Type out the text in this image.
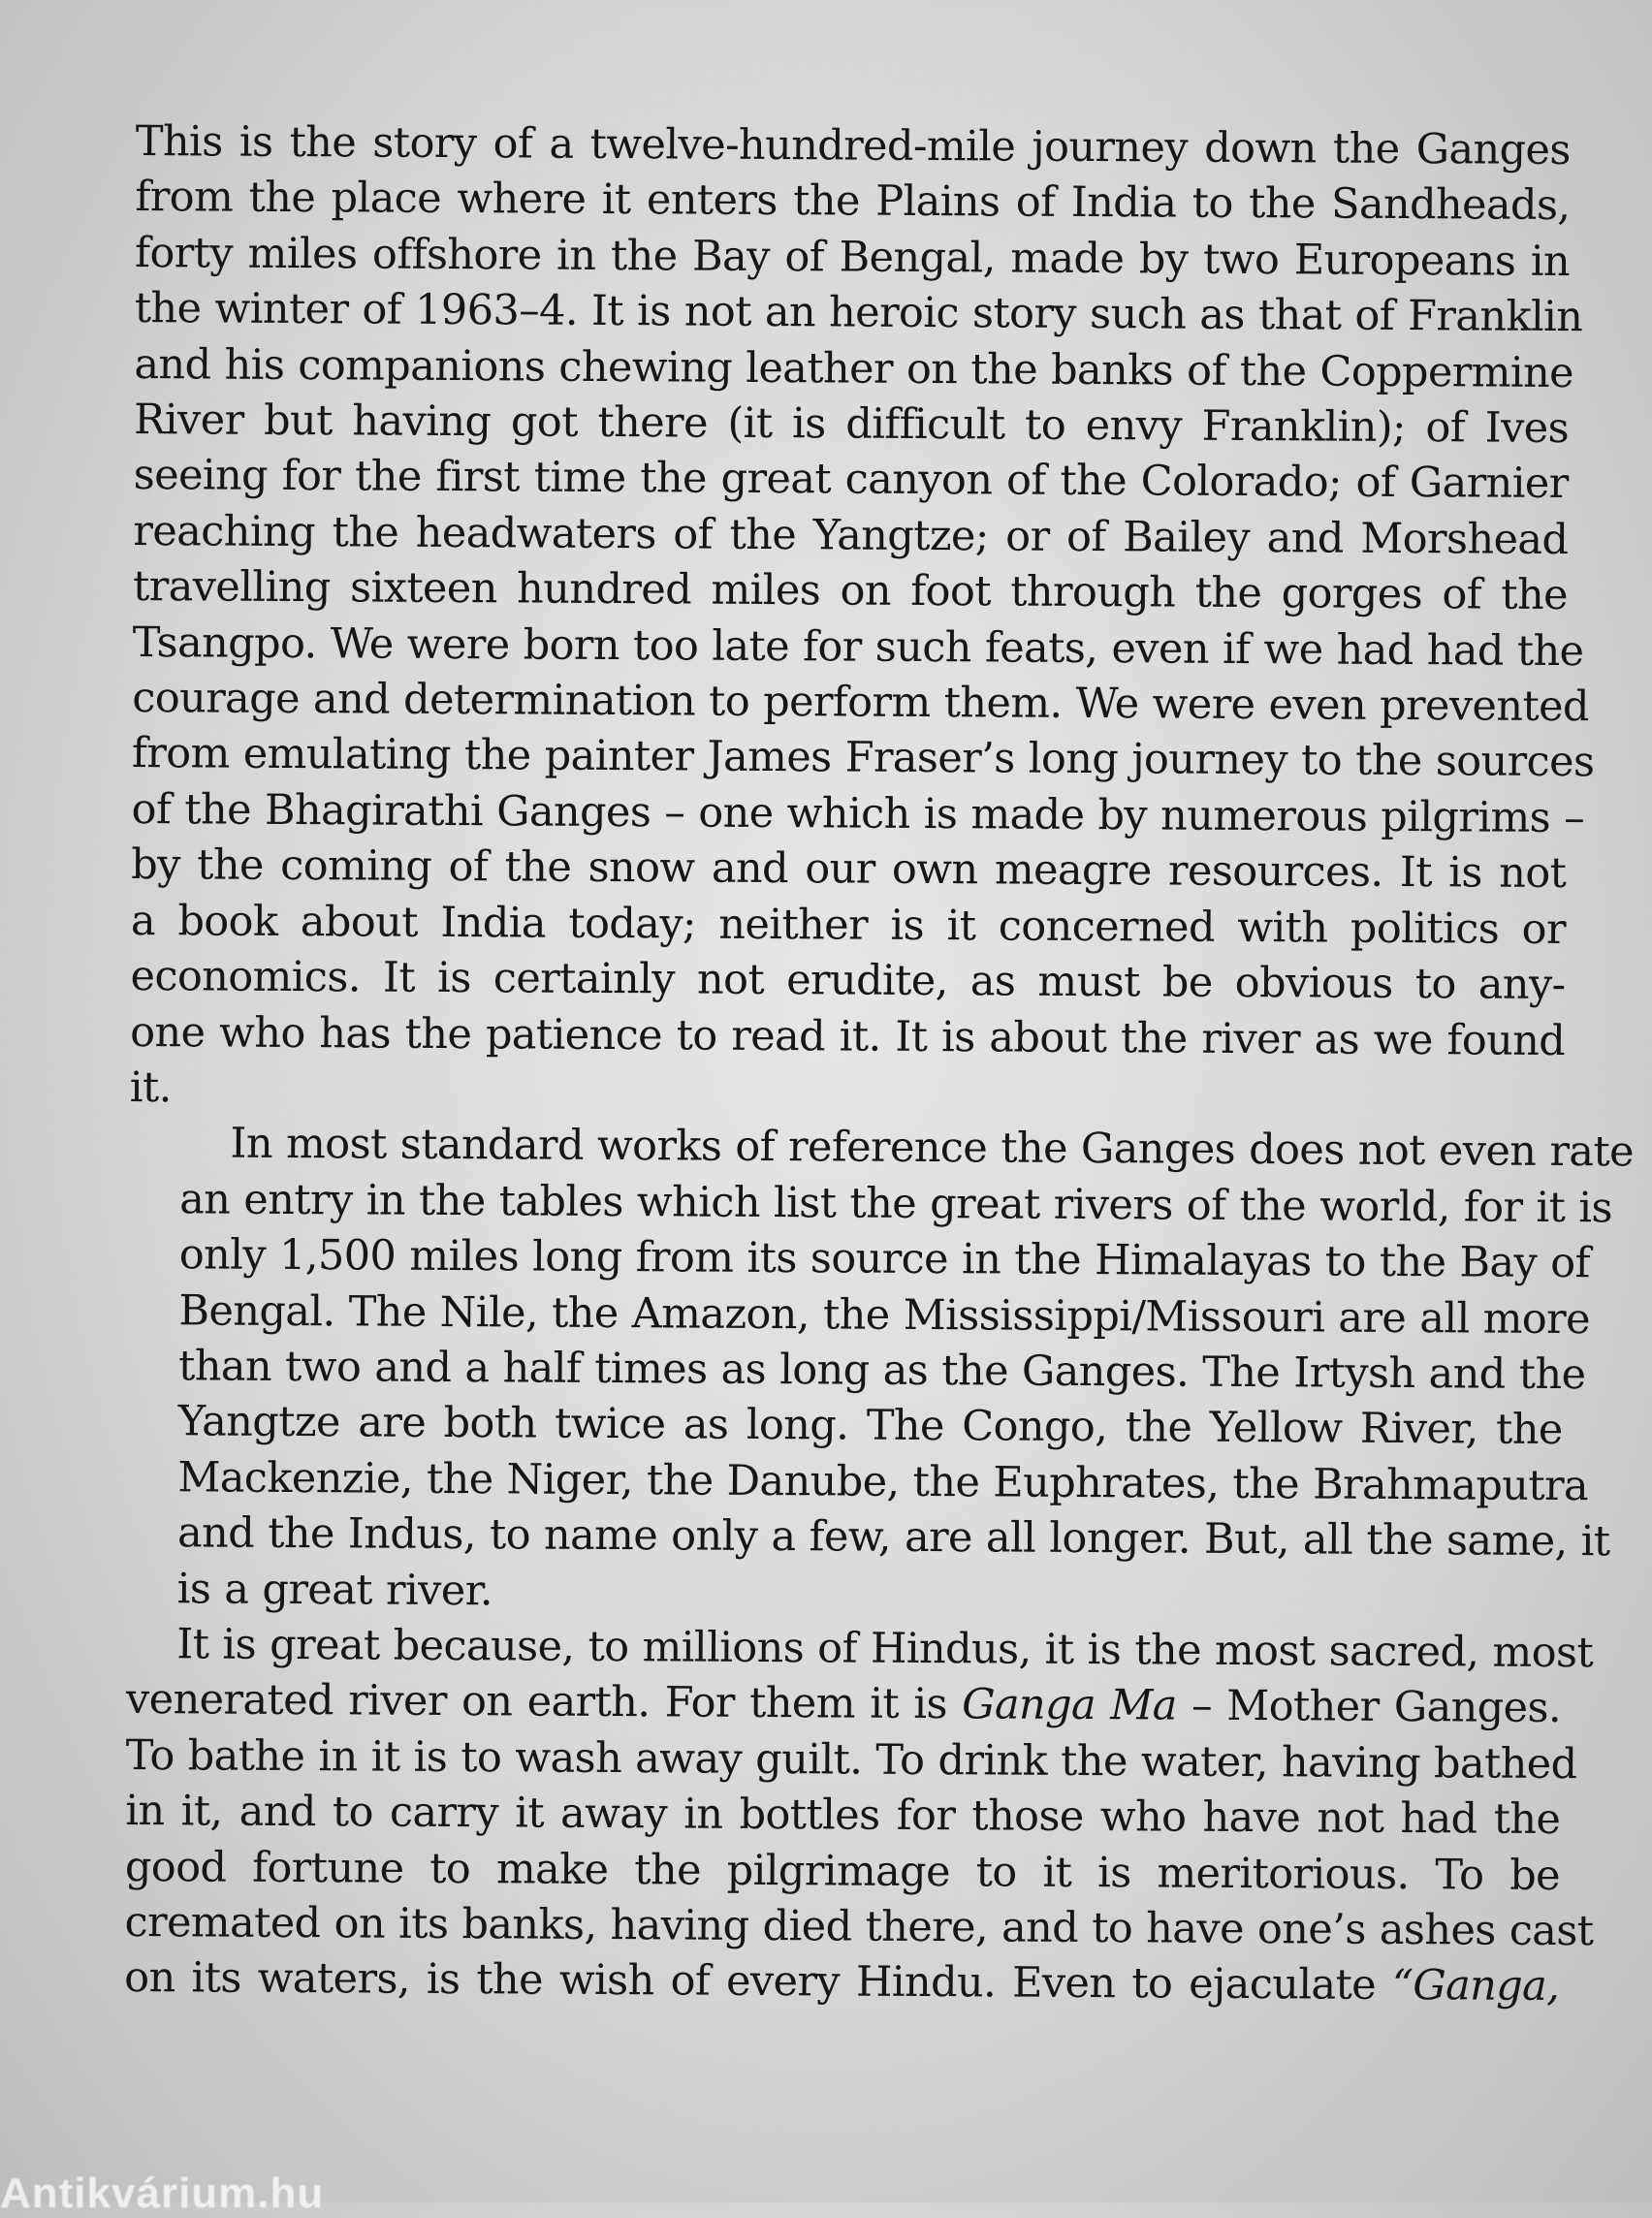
This is the story of a twelve-hundred-mile journey down the Ganges
from the place where it enters the Plains of India to the Sandheads,
forty miles offshore in the Bay of Bengal, made by two Europeans in
the winter of 1963–4. It is not an heroic story such as that of Franklin
and his companions chewing leather on the banks of the Coppermine
River but having got there (it is difficult to envy Franklin); of Ives
seeing for the first time the great canyon of the Colorado; of Garnier
reaching the headwaters of the Yangtze; or of Bailey and Morshead
travelling sixteen hundred miles on foot through the gorges of the
Tsangpo. We were born too late for such feats, even if we had had the
courage and determination to perform them. We were even prevented
from emulating the painter James Fraser’s long journey to the sources
of the Bhagirathi Ganges – one which is made by numerous pilgrims –
by the coming of the snow and our own meagre resources. It is not
a book about India today; neither is it concerned with politics or
economics. It is certainly not erudite, as must be obvious to any-
one who has the patience to read it. It is about the river as we found
it.
In most standard works of reference the Ganges does not even rate
an entry in the tables which list the great rivers of the world, for it is
only 1,500 miles long from its source in the Himalayas to the Bay of
Bengal. The Nile, the Amazon, the Mississippi/Missouri are all more
than two and a half times as long as the Ganges. The Irtysh and the
Yangtze are both twice as long. The Congo, the Yellow River, the
Mackenzie, the Niger, the Danube, the Euphrates, the Brahmaputra
and the Indus, to name only a few, are all longer. But, all the same, it
is a great river.
It is great because, to millions of Hindus, it is the most sacred, most
venerated river on earth. For them it is Ganga Ma – Mother Ganges.
To bathe in it is to wash away guilt. To drink the water, having bathed
in it, and to carry it away in bottles for those who have not had the
good fortune to make the pilgrimage to it is meritorious. To be
cremated on its banks, having died there, and to have one’s ashes cast
on its waters, is the wish of every Hindu. Even to ejaculate “Ganga,
Antikvárium.hu
